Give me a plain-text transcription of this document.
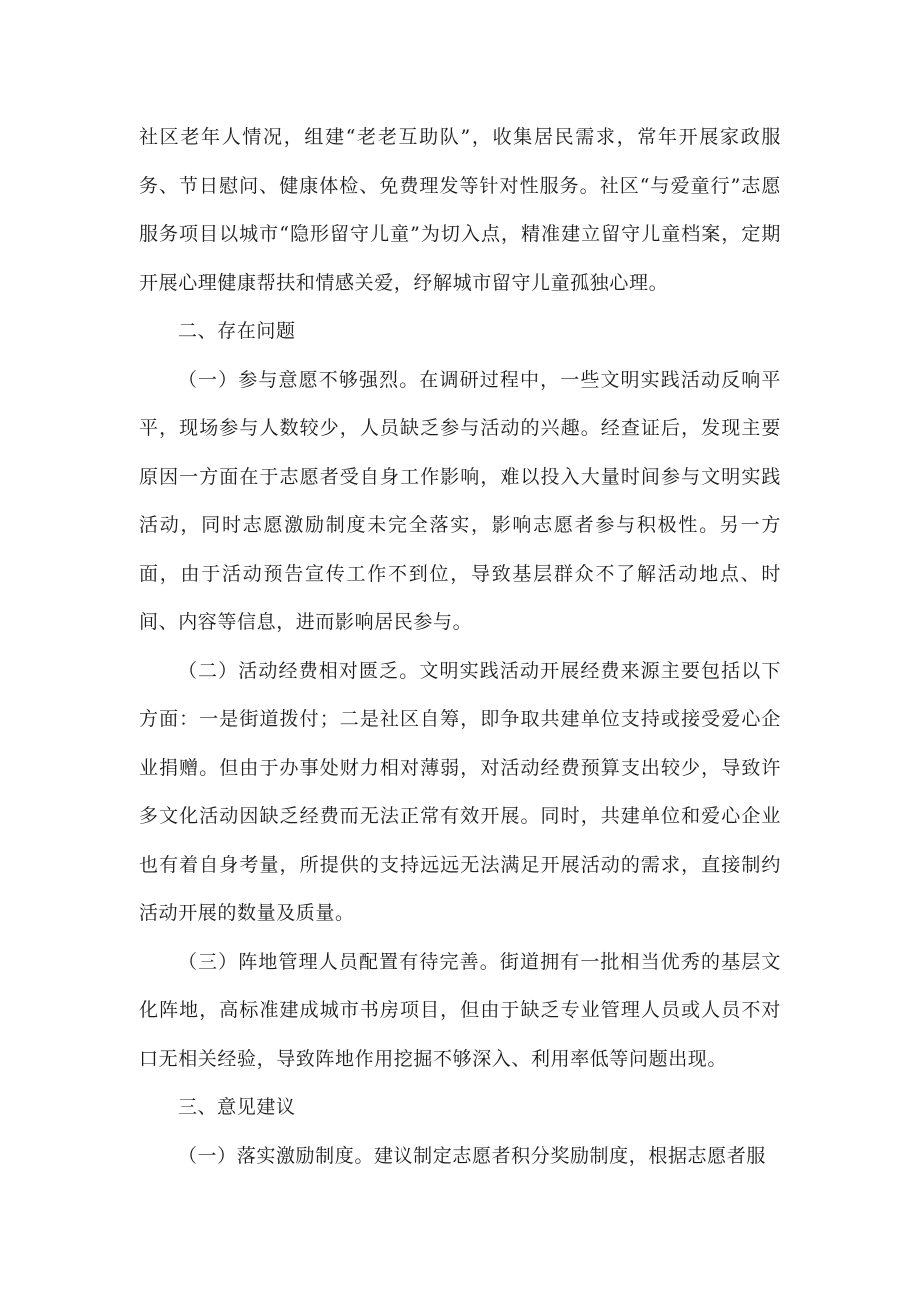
社区老年人情况，组建“老老互助队”，收集居民需求，常年开展家政服务、节日慰问、健康体检、免费理发等针对性服务。社区“与爱童行”志愿服务项目以城市“隐形留守儿童”为切入点，精准建立留守儿童档案，定期开展心理健康帮扶和情感关爱，纾解城市留守儿童孤独心理。

二、存在问题

（一）参与意愿不够强烈。在调研过程中，一些文明实践活动反响平平，现场参与人数较少，人员缺乏参与活动的兴趣。经查证后，发现主要原因一方面在于志愿者受自身工作影响，难以投入大量时间参与文明实践活动，同时志愿激励制度未完全落实，影响志愿者参与积极性。另一方面，由于活动预告宣传工作不到位，导致基层群众不了解活动地点、时间、内容等信息，进而影响居民参与。

（二）活动经费相对匮乏。文明实践活动开展经费来源主要包括以下方面：一是街道拨付；二是社区自筹，即争取共建单位支持或接受爱心企业捐赠。但由于办事处财力相对薄弱，对活动经费预算支出较少，导致许多文化活动因缺乏经费而无法正常有效开展。同时，共建单位和爱心企业也有着自身考量，所提供的支持远远无法满足开展活动的需求，直接制约活动开展的数量及质量。

（三）阵地管理人员配置有待完善。街道拥有一批相当优秀的基层文化阵地，高标准建成城市书房项目，但由于缺乏专业管理人员或人员不对口无相关经验，导致阵地作用挖掘不够深入、利用率低等问题出现。

三、意见建议

（一）落实激励制度。建议制定志愿者积分奖励制度，根据志愿者服
